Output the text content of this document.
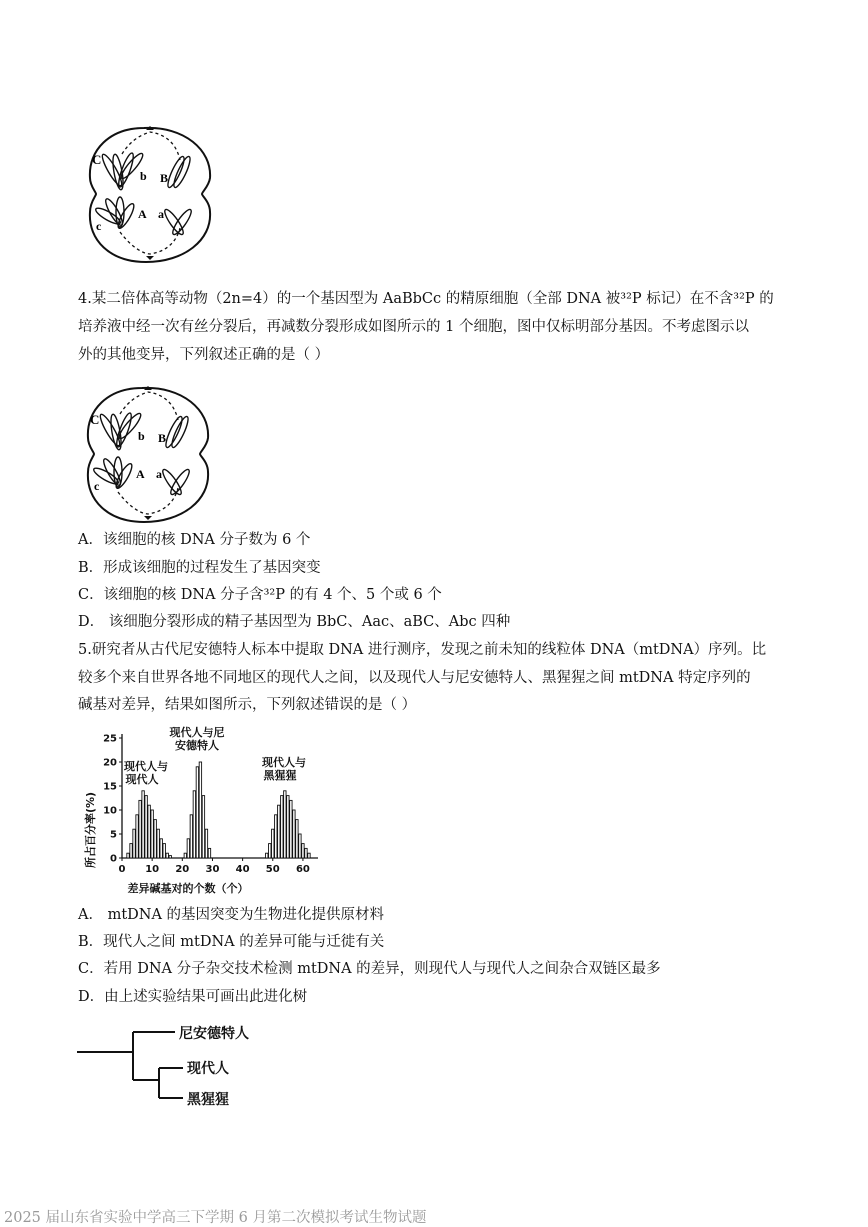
C
b B
A a
c
4.某二倍体高等动物（2n=4）的一个基因型为 AaBbCc 的精原细胞（全部 DNA 被³²P 标记）在不含³²P 的
培养液中经一次有丝分裂后，再减数分裂形成如图所示的 1 个细胞，图中仅标明部分基因。不考虑图示以
外的其他变异，下列叙述正确的是（ ）
C
b B
A a
c
A．该细胞的核 DNA 分子数为 6 个
B．形成该细胞的过程发生了基因突变
C．该细胞的核 DNA 分子含³²P 的有 4 个、5 个或 6 个
D． 该细胞分裂形成的精子基因型为 BbC、Aac、aBC、Abc 四种
5.研究者从古代尼安德特人标本中提取 DNA 进行测序，发现之前未知的线粒体 DNA（mtDNA）序列。比
较多个来自世界各地不同地区的现代人之间，以及现代人与尼安德特人、黑猩猩之间 mtDNA 特定序列的
碱基对差异，结果如图所示，下列叙述错误的是（ ）
所占百分率(%)
差异碱基对的个数（个）
0
5
10
15
20
25
0 10 20 30 40 50 60
现代人与现代人
现代人与尼安德特人
现代人与黑猩猩
A． mtDNA 的基因突变为生物进化提供原材料
B．现代人之间 mtDNA 的差异可能与迁徙有关
C．若用 DNA 分子杂交技术检测 mtDNA 的差异，则现代人与现代人之间杂合双链区最多
D．由上述实验结果可画出此进化树
尼安德特人
现代人
黑猩猩
2025 届山东省实验中学高三下学期 6 月第二次模拟考试生物试题
